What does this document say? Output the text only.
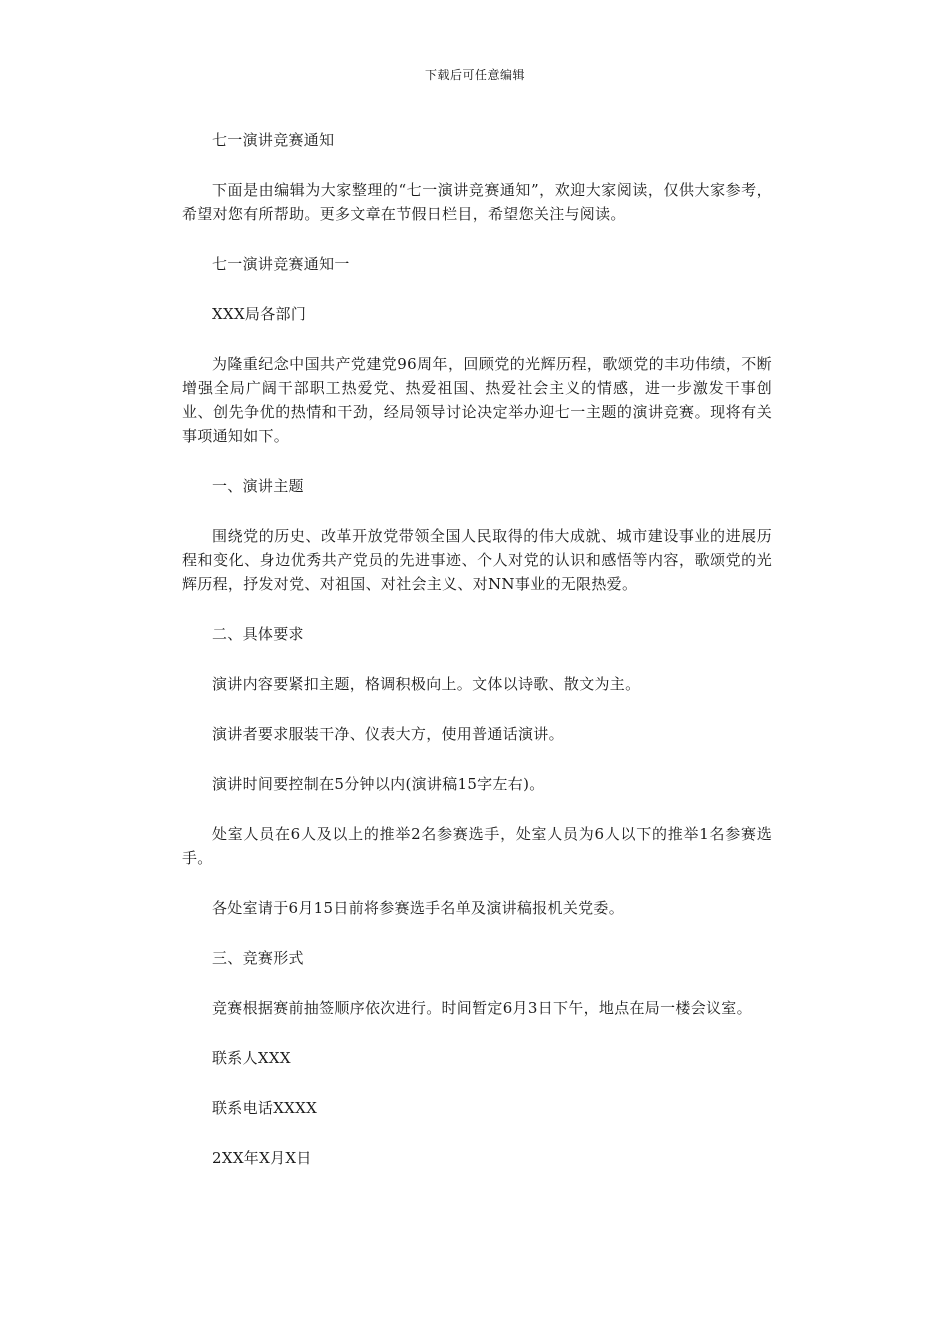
下载后可任意编辑

七一演讲竞赛通知

下面是由编辑为大家整理的“七一演讲竞赛通知”，欢迎大家阅读，仅供大家参考，希望对您有所帮助。更多文章在节假日栏目，希望您关注与阅读。

七一演讲竞赛通知一

XXX局各部门

为隆重纪念中国共产党建党96周年，回顾党的光辉历程，歌颂党的丰功伟绩，不断增强全局广阔干部职工热爱党、热爱祖国、热爱社会主义的情感，进一步激发干事创业、创先争优的热情和干劲，经局领导讨论决定举办迎七一主题的演讲竞赛。现将有关事项通知如下。

一、演讲主题

围绕党的历史、改革开放党带领全国人民取得的伟大成就、城市建设事业的进展历程和变化、身边优秀共产党员的先进事迹、个人对党的认识和感悟等内容，歌颂党的光辉历程，抒发对党、对祖国、对社会主义、对NN事业的无限热爱。

二、具体要求

演讲内容要紧扣主题，格调积极向上。文体以诗歌、散文为主。

演讲者要求服装干净、仪表大方，使用普通话演讲。

演讲时间要控制在5分钟以内(演讲稿15字左右)。

处室人员在6人及以上的推举2名参赛选手，处室人员为6人以下的推举1名参赛选手。

各处室请于6月15日前将参赛选手名单及演讲稿报机关党委。

三、竞赛形式

竞赛根据赛前抽签顺序依次进行。时间暂定6月3日下午，地点在局一楼会议室。

联系人XXX

联系电话XXXX

2XX年X月X日
